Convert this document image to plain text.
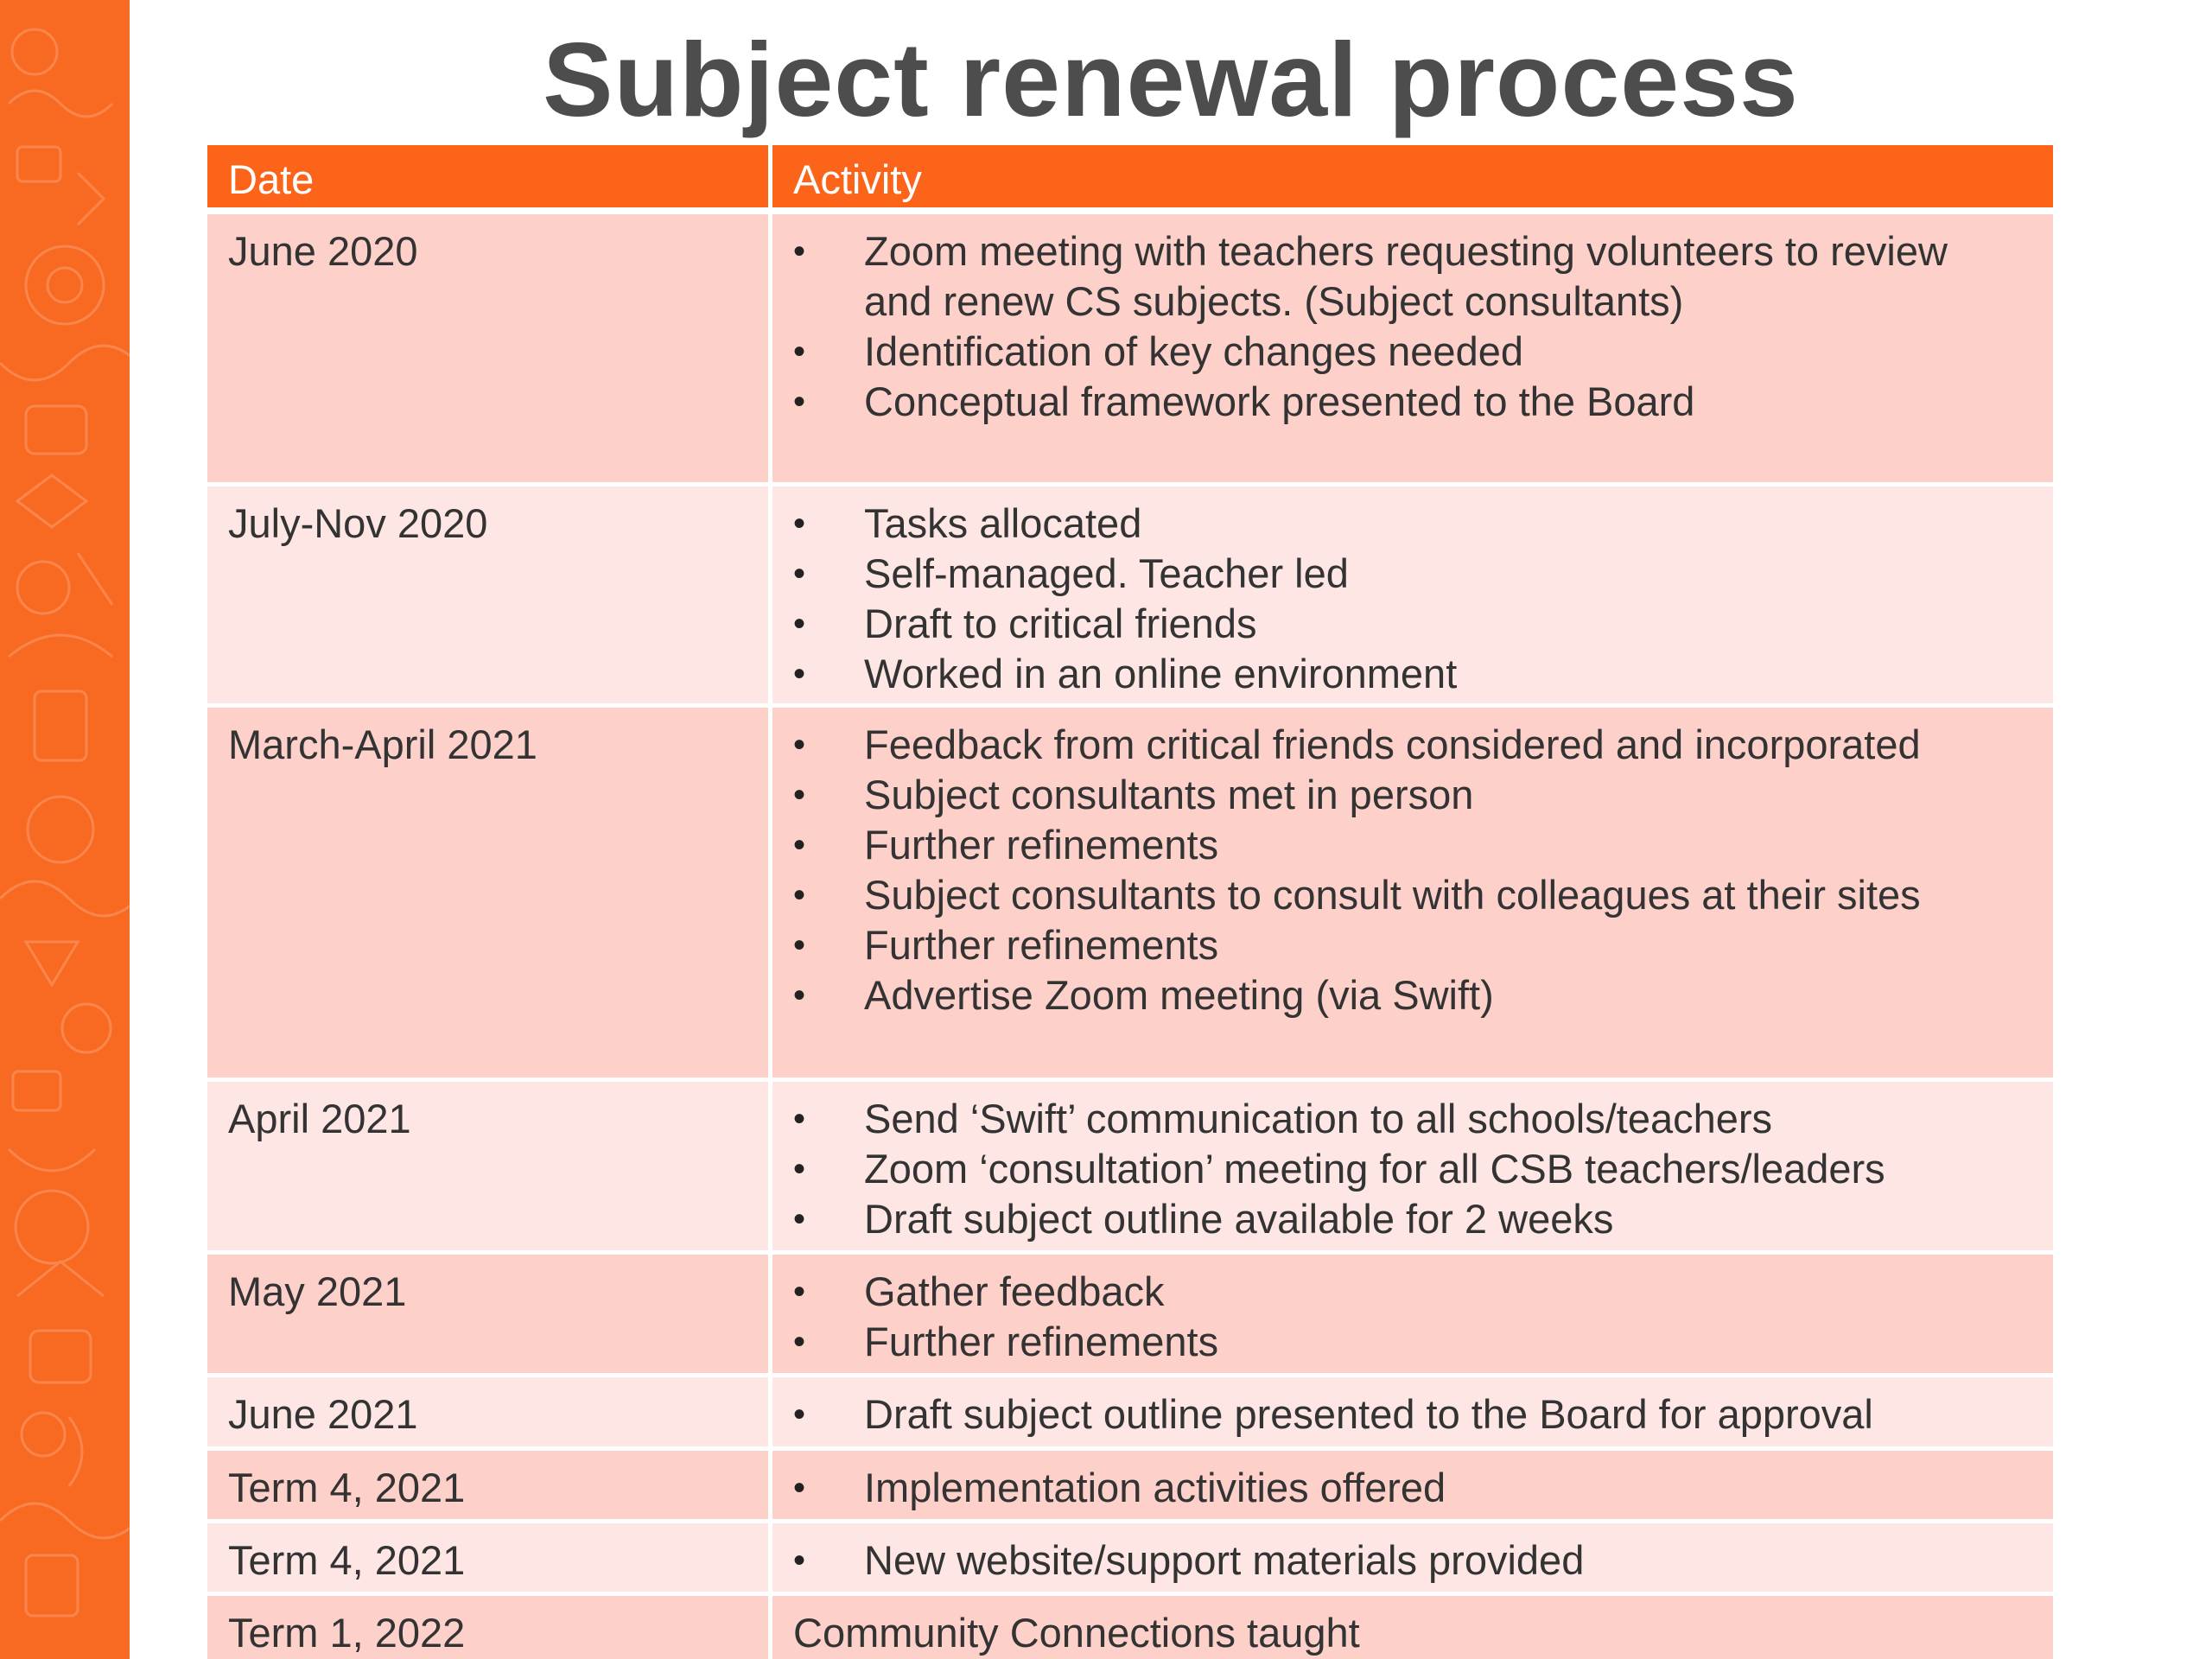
Subject renewal process
Date	Activity
June 2020	• Zoom meeting with teachers requesting volunteers to review and renew CS subjects. (Subject consultants)
• Identification of key changes needed
• Conceptual framework presented to the Board
July-Nov 2020	• Tasks allocated
• Self-managed. Teacher led
• Draft to critical friends
• Worked in an online environment
March-April 2021	• Feedback from critical friends considered and incorporated
• Subject consultants met in person
• Further refinements
• Subject consultants to consult with colleagues at their sites
• Further refinements
• Advertise Zoom meeting (via Swift)
April 2021	• Send ‘Swift’ communication to all schools/teachers
• Zoom ‘consultation’ meeting for all CSB teachers/leaders
• Draft subject outline available for 2 weeks
May 2021	• Gather feedback
• Further refinements
June 2021	• Draft subject outline presented to the Board for approval
Term 4, 2021	• Implementation activities offered
Term 4, 2021	• New website/support materials provided
Term 1, 2022	Community Connections taught
